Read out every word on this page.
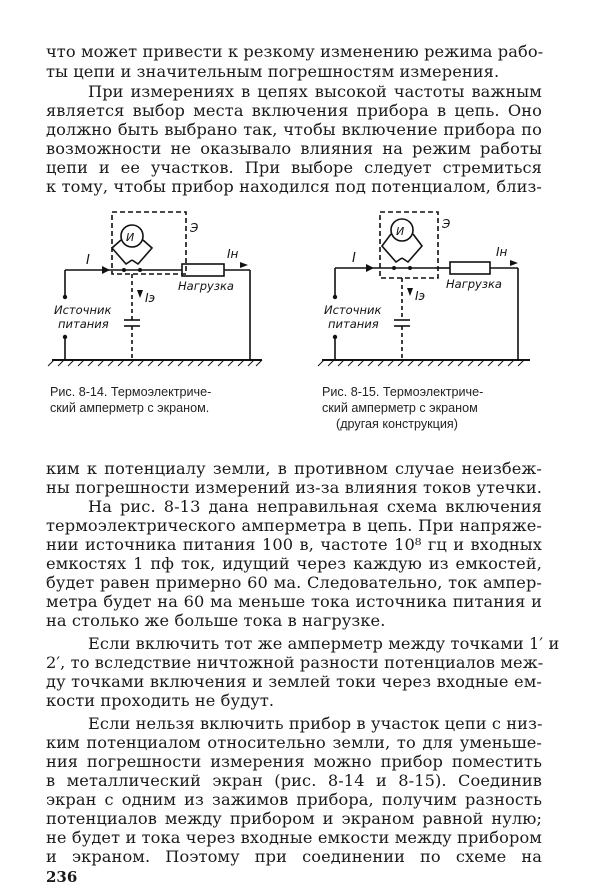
что может привести к резкому изменению режима рабо-
ты цепи и значительным погрешностям измерения.
При измерениях в цепях высокой частоты важным
является выбор места включения прибора в цепь. Оно
должно быть выбрано так, чтобы включение прибора по
возможности не оказывало влияния на режим работы
цепи и ее участков. При выборе следует стремиться
к тому, чтобы прибор находился под потенциалом, близ-
I	Iн
Iэ
Э
И
Нагрузка
Источник
питания
I	Iн
Iэ
Э
И
Нагрузка
Источник
питания
Рис. 8-14. Термоэлектриче-
ский амперметр с экраном.
Рис. 8-15. Термоэлектриче-
ский амперметр с экраном
(другая конструкция)
ким к потенциалу земли, в противном случае неизбеж-
ны погрешности измерений из-за влияния токов утечки.
На рис. 8-13 дана неправильная схема включения
термоэлектрического амперметра в цепь. При напряже-
нии источника питания 100 в, частоте 10⁸ гц и входных
емкостях 1 пф ток, идущий через каждую из емкостей,
будет равен примерно 60 ма. Следовательно, ток ампер-
метра будет на 60 ма меньше тока источника питания и
на столько же больше тока в нагрузке.
Если включить тот же амперметр между точками 1′ и
2′, то вследствие ничтожной разности потенциалов меж-
ду точками включения и землей токи через входные ем-
кости проходить не будут.
Если нельзя включить прибор в участок цепи с низ-
ким потенциалом относительно земли, то для уменьше-
ния погрешности измерения можно прибор поместить
в металлический экран (рис. 8-14 и 8-15). Соединив
экран с одним из зажимов прибора, получим разность
потенциалов между прибором и экраном равной нулю;
не будет и тока через входные емкости между прибором
и экраном. Поэтому при соединении по схеме на
236
